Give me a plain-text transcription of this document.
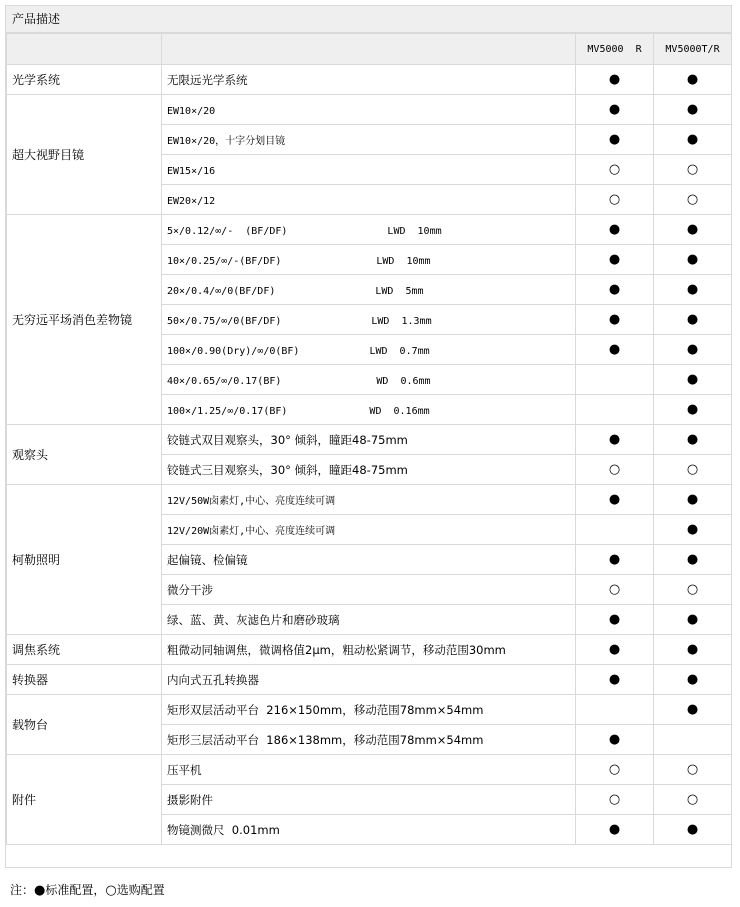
产品描述
		MV5000  R	MV5000T/R
光学系统	无限远光学系统	●	●
超大视野目镜	EW10×/20	●	●
	EW10×/20，十字分划目镜	●	●
	EW15×/16	○	○
	EW20×/12	○	○
无穷远平场消色差物镜	5×/0.12/∞/-  (BF/DF) LWD  10mm	●	●
	10×/0.25/∞/-(BF/DF) LWD  10mm	●	●
	20×/0.4/∞/0(BF/DF) LWD  5mm	●	●
	50×/0.75/∞/0(BF/DF) LWD  1.3mm	●	●
	100×/0.90(Dry)/∞/0(BF) LWD  0.7mm	●	●
	40×/0.65/∞/0.17(BF) WD  0.6mm		●
	100×/1.25/∞/0.17(BF) WD  0.16mm		●
观察头	铰链式双目观察头，30° 倾斜，瞳距48-75mm	●	●
	铰链式三目观察头，30° 倾斜，瞳距48-75mm	○	○
柯勒照明	12V/50W卤素灯,中心、亮度连续可调	●	●
	12V/20W卤素灯,中心、亮度连续可调		●
	起偏镜、检偏镜	●	●
	微分干涉	○	○
	绿、蓝、黄、灰滤色片和磨砂玻璃	●	●
调焦系统	粗微动同轴调焦，微调格值2μm，粗动松紧调节，移动范围30mm	●	●
转换器	内向式五孔转换器	●	●
载物台	矩形双层活动平台  216×150mm，移动范围78mm×54mm		●
	矩形三层活动平台  186×138mm，移动范围78mm×54mm	●	
附件	压平机	○	○
	摄影附件	○	○
	物镜测微尺  0.01mm	●	●
注：●标准配置，○选购配置
